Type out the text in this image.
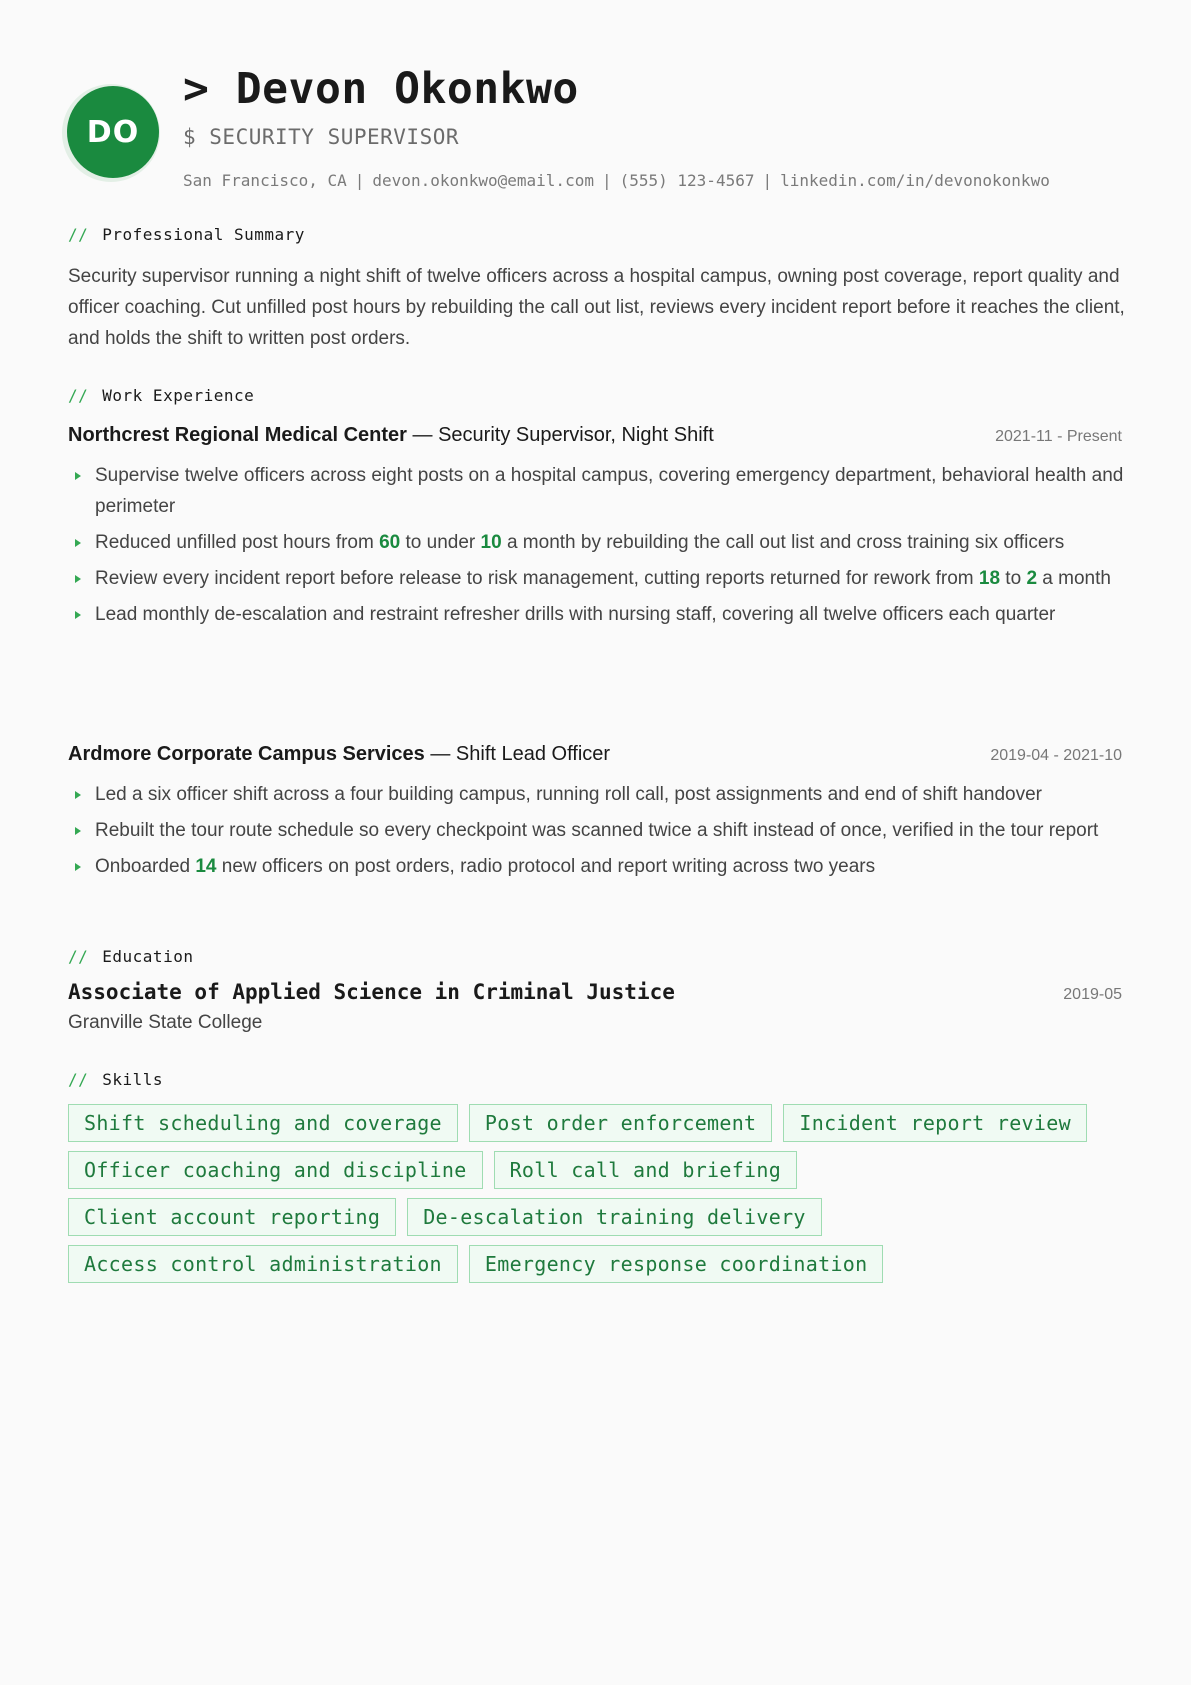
DO
> Devon Okonkwo
$ SECURITY SUPERVISOR
San Francisco, CA | devon.okonkwo@email.com | (555) 123-4567 | linkedin.com/in/devonokonkwo
// Professional Summary

Security supervisor running a night shift of twelve officers across a hospital campus, owning post coverage, report quality and officer coaching. Cut unfilled post hours by rebuilding the call out list, reviews every incident report before it reaches the client, and holds the shift to written post orders.

// Work Experience
Northcrest Regional Medical Center — Security Supervisor, Night Shift	2021-11 - Present
Supervise twelve officers across eight posts on a hospital campus, covering emergency department, behavioral health and perimeter
Reduced unfilled post hours from 60 to under 10 a month by rebuilding the call out list and cross training six officers
Review every incident report before release to risk management, cutting reports returned for rework from 18 to 2 a month
Lead monthly de-escalation and restraint refresher drills with nursing staff, covering all twelve officers each quarter
Ardmore Corporate Campus Services — Shift Lead Officer	2019-04 - 2021-10
Led a six officer shift across a four building campus, running roll call, post assignments and end of shift handover
Rebuilt the tour route schedule so every checkpoint was scanned twice a shift instead of once, verified in the tour report
Onboarded 14 new officers on post orders, radio protocol and report writing across two years
// Education
Associate of Applied Science in Criminal Justice	2019-05
Granville State College
// Skills
Shift scheduling and coverage	Post order enforcement	Incident report review
Officer coaching and discipline	Roll call and briefing
Client account reporting	De-escalation training delivery
Access control administration	Emergency response coordination
